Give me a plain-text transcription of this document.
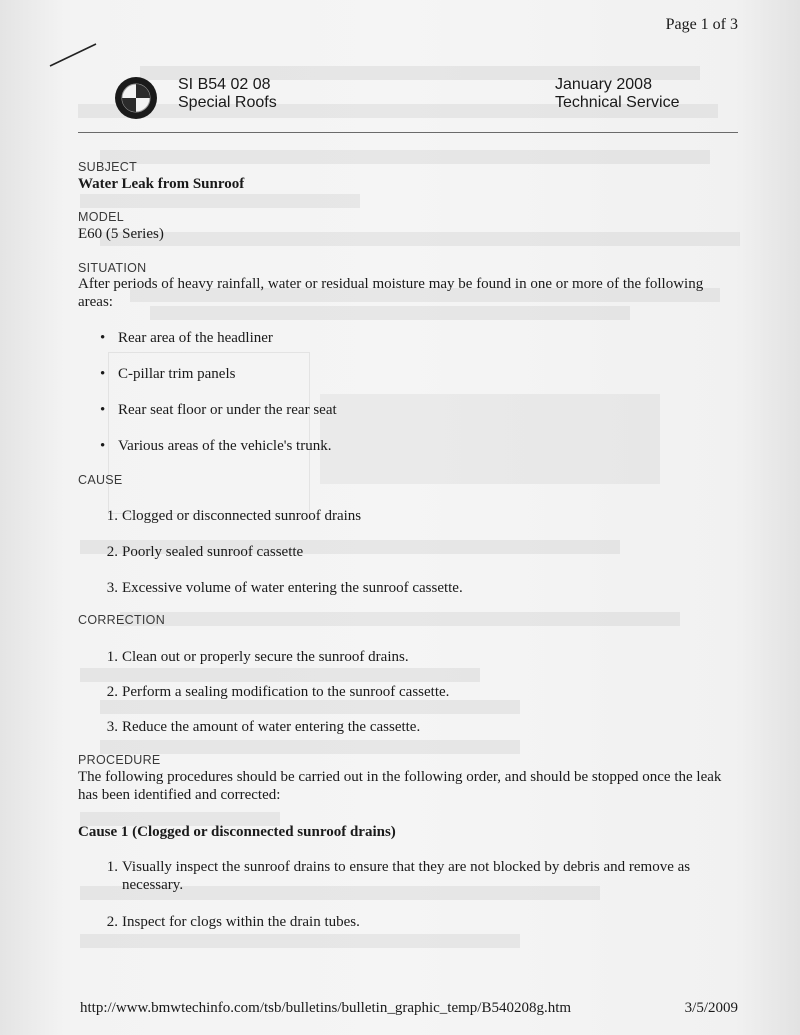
Page 1 of 3
SI B54 02 08
Special Roofs
January 2008
Technical Service
SUBJECT
Water Leak from Sunroof
MODEL
E60 (5 Series)
SITUATION
After periods of heavy rainfall, water or residual moisture may be found in one or more of the following areas:
• Rear area of the headliner
• C-pillar trim panels
• Rear seat floor or under the rear seat
• Various areas of the vehicle's trunk.
CAUSE
1. Clogged or disconnected sunroof drains
2. Poorly sealed sunroof cassette
3. Excessive volume of water entering the sunroof cassette.
CORRECTION
1. Clean out or properly secure the sunroof drains.
2. Perform a sealing modification to the sunroof cassette.
3. Reduce the amount of water entering the cassette.
PROCEDURE
The following procedures should be carried out in the following order, and should be stopped once the leak has been identified and corrected:
Cause 1 (Clogged or disconnected sunroof drains)
1. Visually inspect the sunroof drains to ensure that they are not blocked by debris and remove as necessary.
2. Inspect for clogs within the drain tubes.
http://www.bmwtechinfo.com/tsb/bulletins/bulletin_graphic_temp/B540208g.htm	3/5/2009
